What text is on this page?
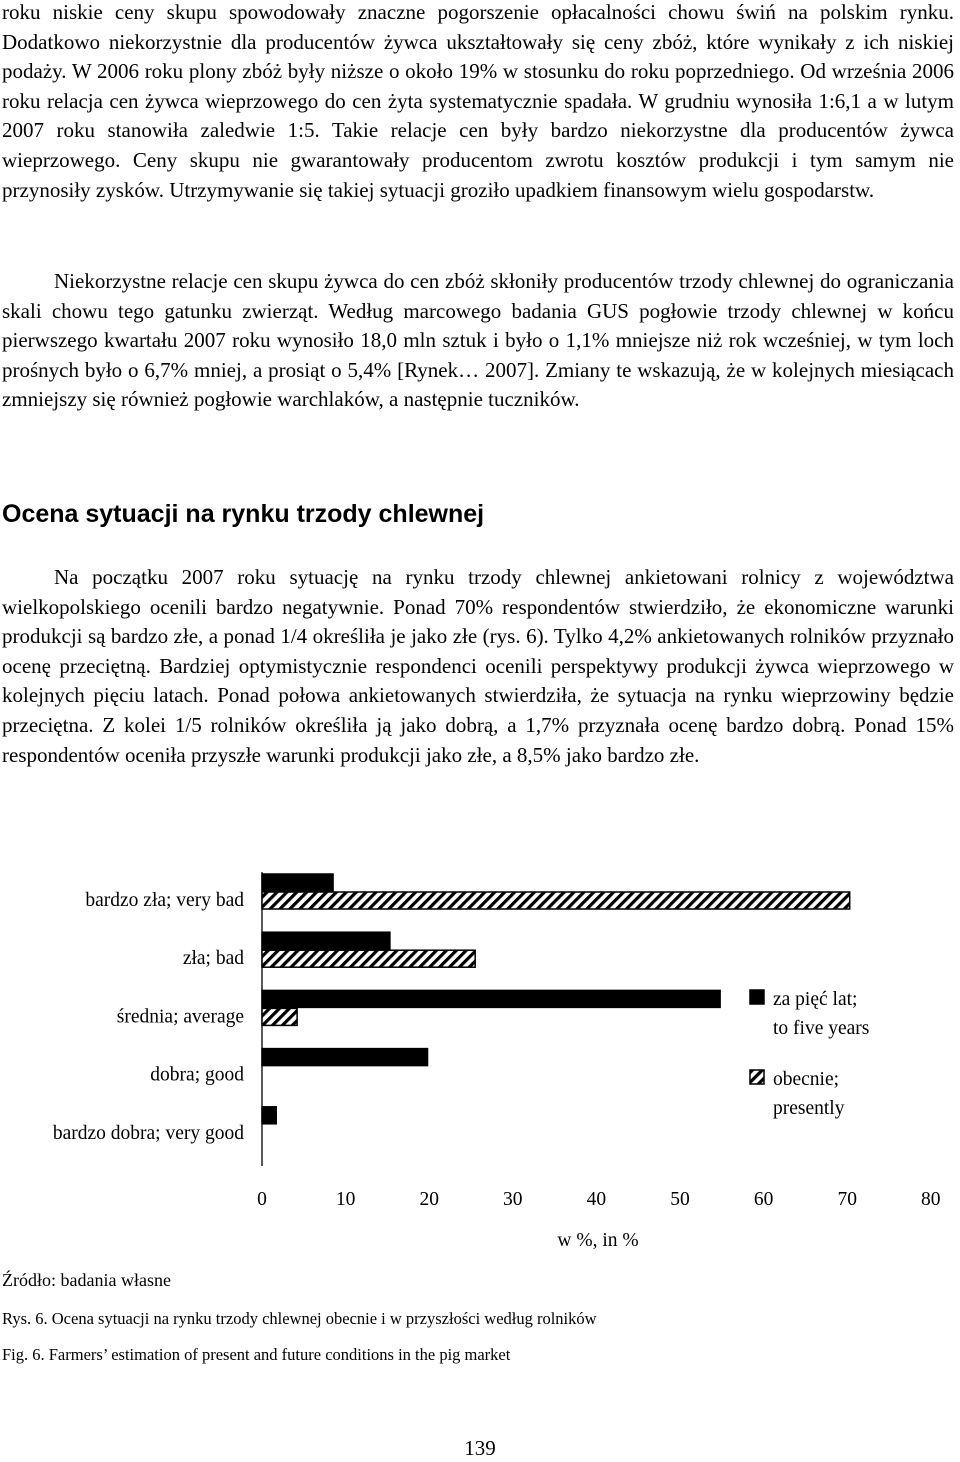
roku niskie ceny skupu spowodowały znaczne pogorszenie opłacalności chowu świń na polskim rynku. Dodatkowo niekorzystnie dla producentów żywca ukształtowały się ceny zbóż, które wynikały z ich niskiej podaży. W 2006 roku plony zbóż były niższe o około 19% w stosunku do roku poprzedniego. Od września 2006 roku relacja cen żywca wieprzowego do cen żyta systematycznie spadała. W grudniu wynosiła 1:6,1 a w lutym 2007 roku stanowiła zaledwie 1:5. Takie relacje cen były bardzo niekorzystne dla producentów żywca wieprzowego. Ceny skupu nie gwarantowały producentom zwrotu kosztów produkcji i tym samym nie przynosiły zysków. Utrzymywanie się takiej sytuacji groziło upadkiem finansowym wielu gospodarstw.
Niekorzystne relacje cen skupu żywca do cen zbóż skłoniły producentów trzody chlewnej do ograniczania skali chowu tego gatunku zwierząt. Według marcowego badania GUS pogłowie trzody chlewnej w końcu pierwszego kwartału 2007 roku wynosiło 18,0 mln sztuk i było o 1,1% mniejsze niż rok wcześniej, w tym loch prośnych było o 6,7% mniej, a prosiąt o 5,4% [Rynek… 2007]. Zmiany te wskazują, że w kolejnych miesiącach zmniejszy się również pogłowie warchlaków, a następnie tuczników.
Ocena sytuacji na rynku trzody chlewnej
Na początku 2007 roku sytuację na rynku trzody chlewnej ankietowani rolnicy z województwa wielkopolskiego ocenili bardzo negatywnie. Ponad 70% respondentów stwierdziło, że ekonomiczne warunki produkcji są bardzo złe, a ponad 1/4 określiła je jako złe (rys. 6). Tylko 4,2% ankietowanych rolników przyznało ocenę przeciętną. Bardziej optymistycznie respondenci ocenili perspektywy produkcji żywca wieprzowego w kolejnych pięciu latach. Ponad połowa ankietowanych stwierdziła, że sytuacja na rynku wieprzowiny będzie przeciętna. Z kolei 1/5 rolników określiła ją jako dobrą, a 1,7% przyznała ocenę bardzo dobrą. Ponad 15% respondentów oceniła przyszłe warunki produkcji jako złe, a 8,5% jako bardzo złe.
bardzo zła; very bad
zła; bad
średnia; average
dobra; good
bardzo dobra; very good
0	10	20	30	40	50	60	70	80
w %, in %
za pięć lat;
to five years
obecnie;
presently
Źródło: badania własne
Rys. 6. Ocena sytuacji na rynku trzody chlewnej obecnie i w przyszłości według rolników
Fig. 6. Farmers’ estimation of present and future conditions in the pig market
139
